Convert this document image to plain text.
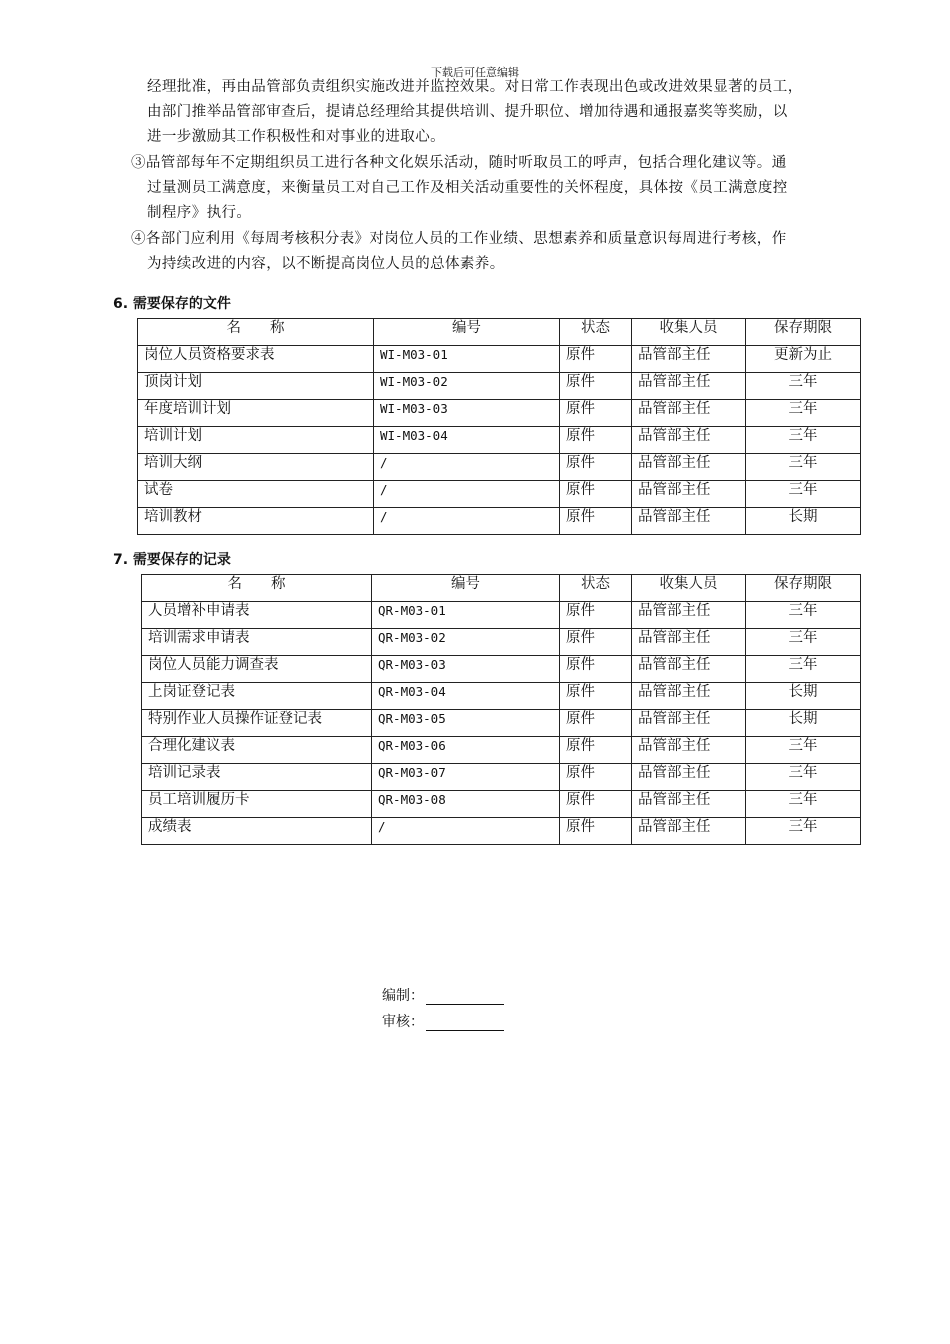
下载后可任意编辑
经理批准，再由品管部负责组织实施改进并监控效果。对日常工作表现出色或改进效果显著的员工，
由部门推举品管部审查后，提请总经理给其提供培训、提升职位、增加待遇和通报嘉奖等奖励，以
进一步激励其工作积极性和对事业的进取心。
③品管部每年不定期组织员工进行各种文化娱乐活动，随时听取员工的呼声，包括合理化建议等。通
过量测员工满意度，来衡量员工对自己工作及相关活动重要性的关怀程度，具体按《员工满意度控
制程序》执行。
④各部门应利用《每周考核积分表》对岗位人员的工作业绩、思想素养和质量意识每周进行考核，作
为持续改进的内容，以不断提高岗位人员的总体素养。
6. 需要保存的文件
名　　称	编号	状态	收集人员	保存期限
岗位人员资格要求表	WI-M03-01	原件	品管部主任	更新为止
顶岗计划	WI-M03-02	原件	品管部主任	三年
年度培训计划	WI-M03-03	原件	品管部主任	三年
培训计划	WI-M03-04	原件	品管部主任	三年
培训大纲	/	原件	品管部主任	三年
试卷	/	原件	品管部主任	三年
培训教材	/	原件	品管部主任	长期
7. 需要保存的记录
名　　称	编号	状态	收集人员	保存期限
人员增补申请表	QR-M03-01	原件	品管部主任	三年
培训需求申请表	QR-M03-02	原件	品管部主任	三年
岗位人员能力调查表	QR-M03-03	原件	品管部主任	三年
上岗证登记表	QR-M03-04	原件	品管部主任	长期
特别作业人员操作证登记表	QR-M03-05	原件	品管部主任	长期
合理化建议表	QR-M03-06	原件	品管部主任	三年
培训记录表	QR-M03-07	原件	品管部主任	三年
员工培训履历卡	QR-M03-08	原件	品管部主任	三年
成绩表	/	原件	品管部主任	三年
编制：
审核：
